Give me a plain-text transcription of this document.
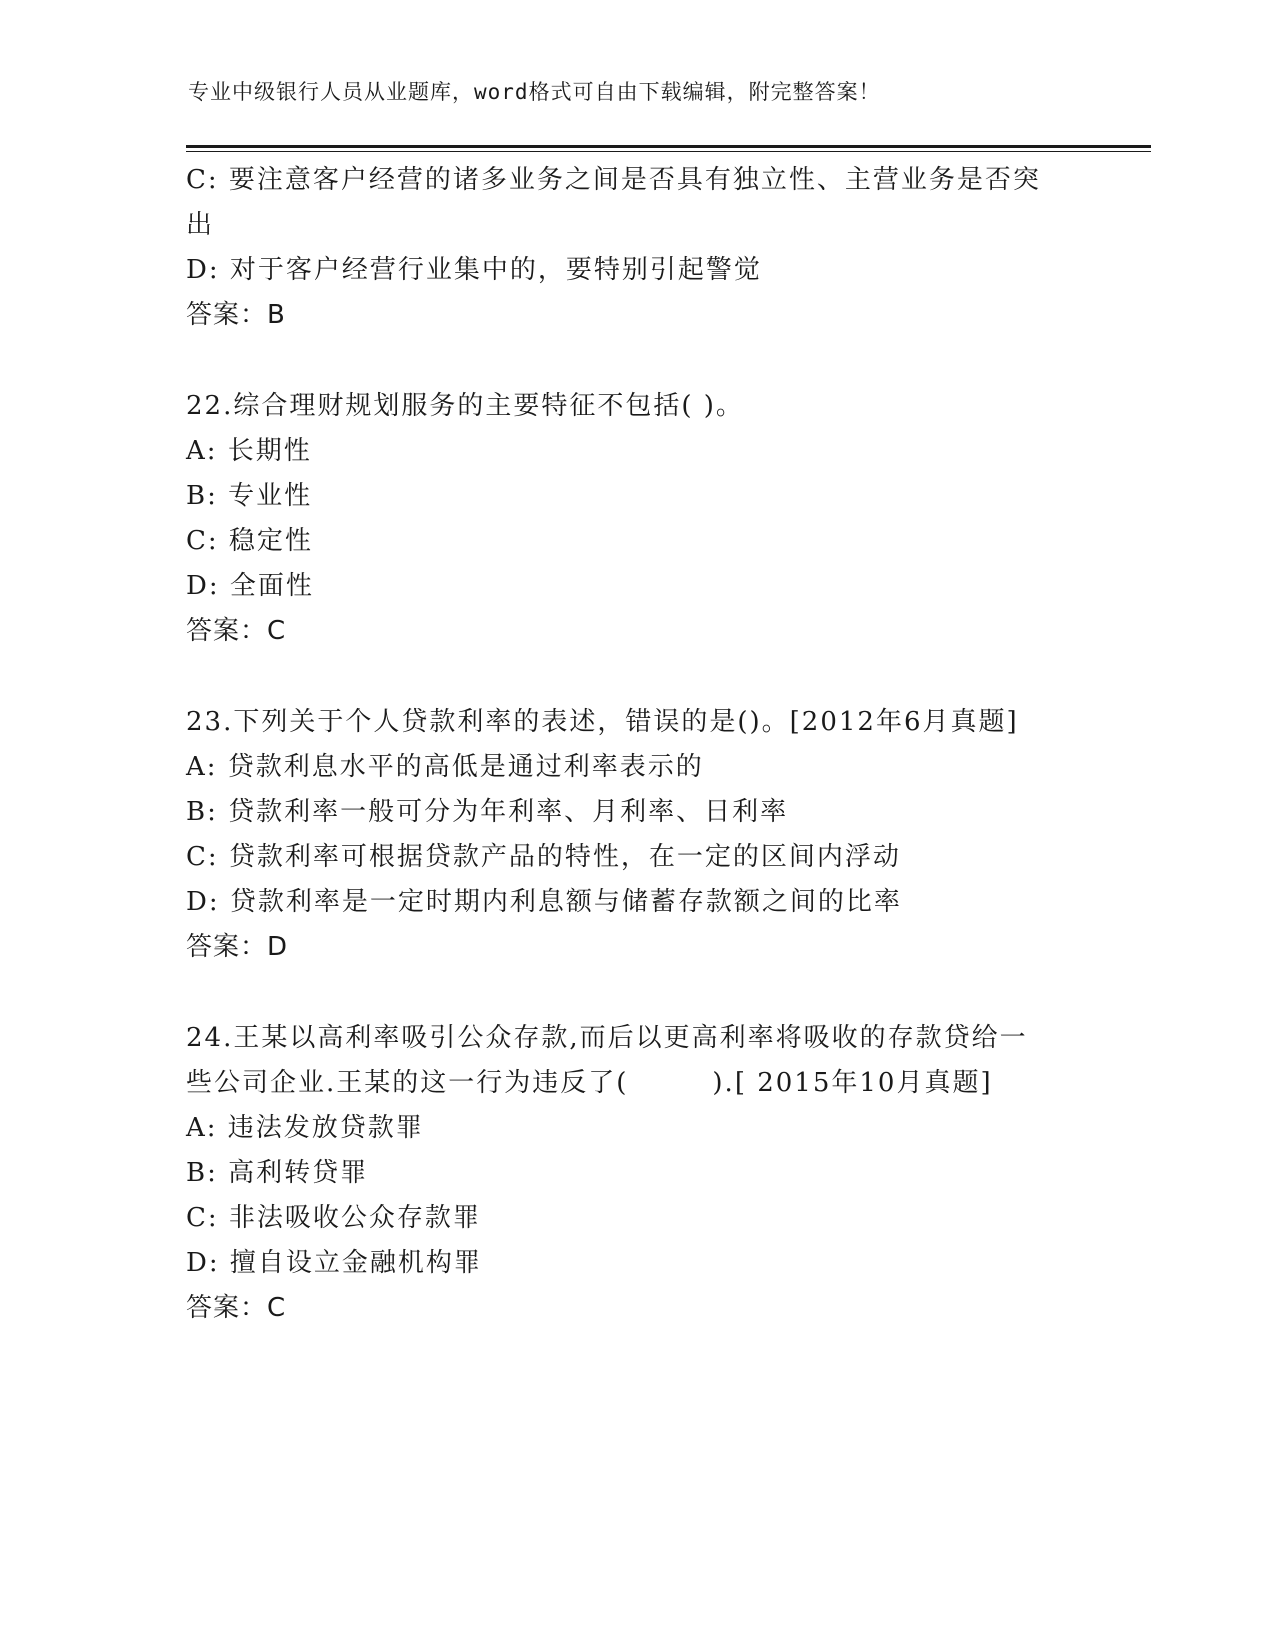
专业中级银行人员从业题库，word格式可自由下载编辑，附完整答案！
C: 要注意客户经营的诸多业务之间是否具有独立性、主营业务是否突
出
D: 对于客户经营行业集中的，要特别引起警觉
答案：B
22.综合理财规划服务的主要特征不包括( )。
A: 长期性
B: 专业性
C: 稳定性
D: 全面性
答案：C
23.下列关于个人贷款利率的表述，错误的是()。[2012年6月真题]
A: 贷款利息水平的高低是通过利率表示的
B: 贷款利率一般可分为年利率、月利率、日利率
C: 贷款利率可根据贷款产品的特性，在一定的区间内浮动
D: 贷款利率是一定时期内利息额与储蓄存款额之间的比率
答案：D
24.王某以高利率吸引公众存款,而后以更高利率将吸收的存款贷给一
些公司企业.王某的这一行为违反了(　　　).[ 2015年10月真题]
A: 违法发放贷款罪
B: 高利转贷罪
C: 非法吸收公众存款罪
D: 擅自设立金融机构罪
答案：C
